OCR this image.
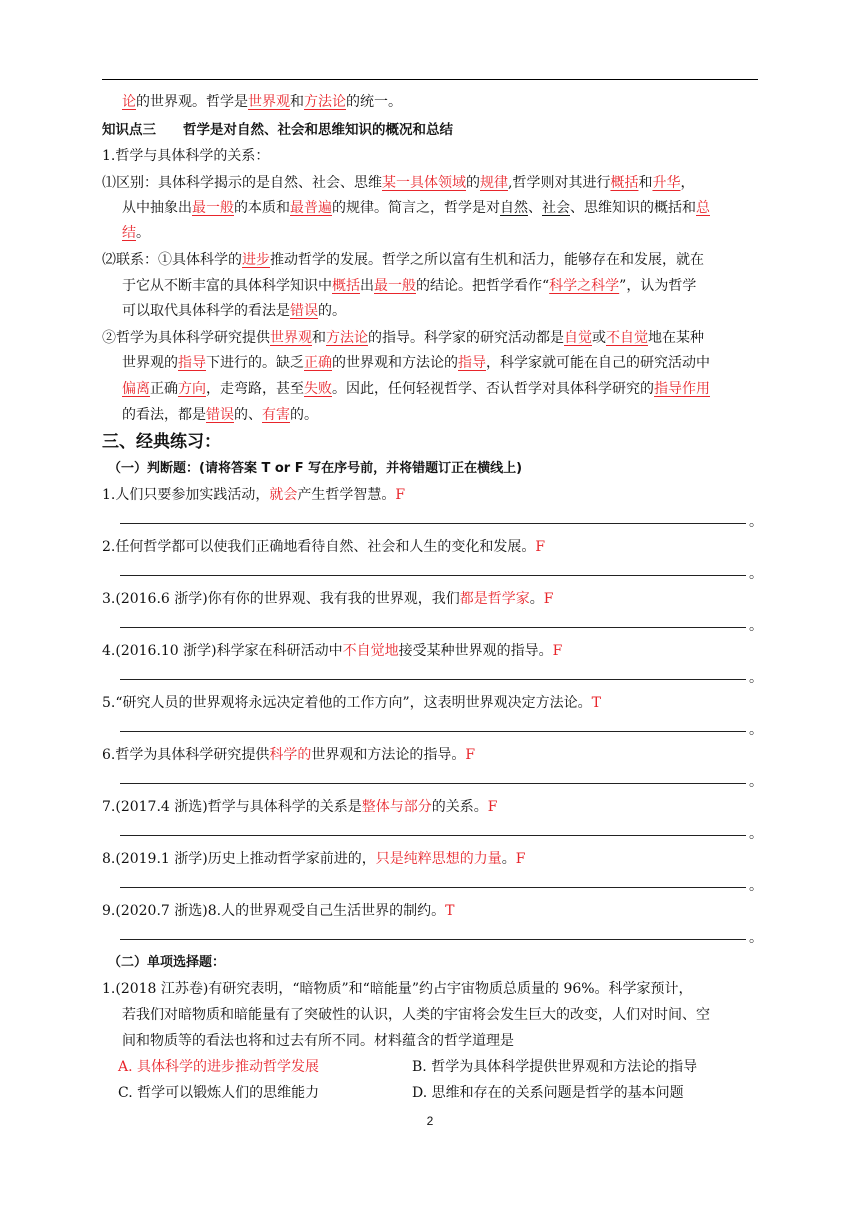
论的世界观。哲学是世界观和方法论的统一。
知识点三　　哲学是对自然、社会和思维知识的概况和总结
1.哲学与具体科学的关系：
⑴区别：具体科学揭示的是自然、社会、思维某一具体领域的规律,哲学则对其进行概括和升华，
从中抽象出最一般的本质和最普遍的规律。简言之，哲学是对自然、社会、思维知识的概括和总
结。
⑵联系：①具体科学的进步推动哲学的发展。哲学之所以富有生机和活力，能够存在和发展，就在
于它从不断丰富的具体科学知识中概括出最一般的结论。把哲学看作“科学之科学”，认为哲学
可以取代具体科学的看法是错误的。
②哲学为具体科学研究提供世界观和方法论的指导。科学家的研究活动都是自觉或不自觉地在某种
世界观的指导下进行的。缺乏正确的世界观和方法论的指导，科学家就可能在自己的研究活动中
偏离正确方向，走弯路，甚至失败。因此，任何轻视哲学、否认哲学对具体科学研究的指导作用
的看法，都是错误的、有害的。
三、经典练习：
（一）判断题：(请将答案 T or F 写在序号前，并将错题订正在横线上)
1.人们只要参加实践活动，就会产生哲学智慧。F
。
2.任何哲学都可以使我们正确地看待自然、社会和人生的变化和发展。F
。
3.(2016.6 浙学)你有你的世界观、我有我的世界观，我们都是哲学家。F
。
4.(2016.10 浙学)科学家在科研活动中不自觉地接受某种世界观的指导。F
。
5.“研究人员的世界观将永远决定着他的工作方向”，这表明世界观决定方法论。T
。
6.哲学为具体科学研究提供科学的世界观和方法论的指导。F
。
7.(2017.4 浙选)哲学与具体科学的关系是整体与部分的关系。F
。
8.(2019.1 浙学)历史上推动哲学家前进的，只是纯粹思想的力量。F
。
9.(2020.7 浙选)8.人的世界观受自己生活世界的制约。T
。
（二）单项选择题：
1.(2018 江苏卷)有研究表明，“暗物质”和“暗能量”约占宇宙物质总质量的 96%。科学家预计，
若我们对暗物质和暗能量有了突破性的认识，人类的宇宙将会发生巨大的改变，人们对时间、空
间和物质等的看法也将和过去有所不同。材料蕴含的哲学道理是
A. 具体科学的进步推动哲学发展	B. 哲学为具体科学提供世界观和方法论的指导
C. 哲学可以锻炼人们的思维能力	D. 思维和存在的关系问题是哲学的基本问题
2
